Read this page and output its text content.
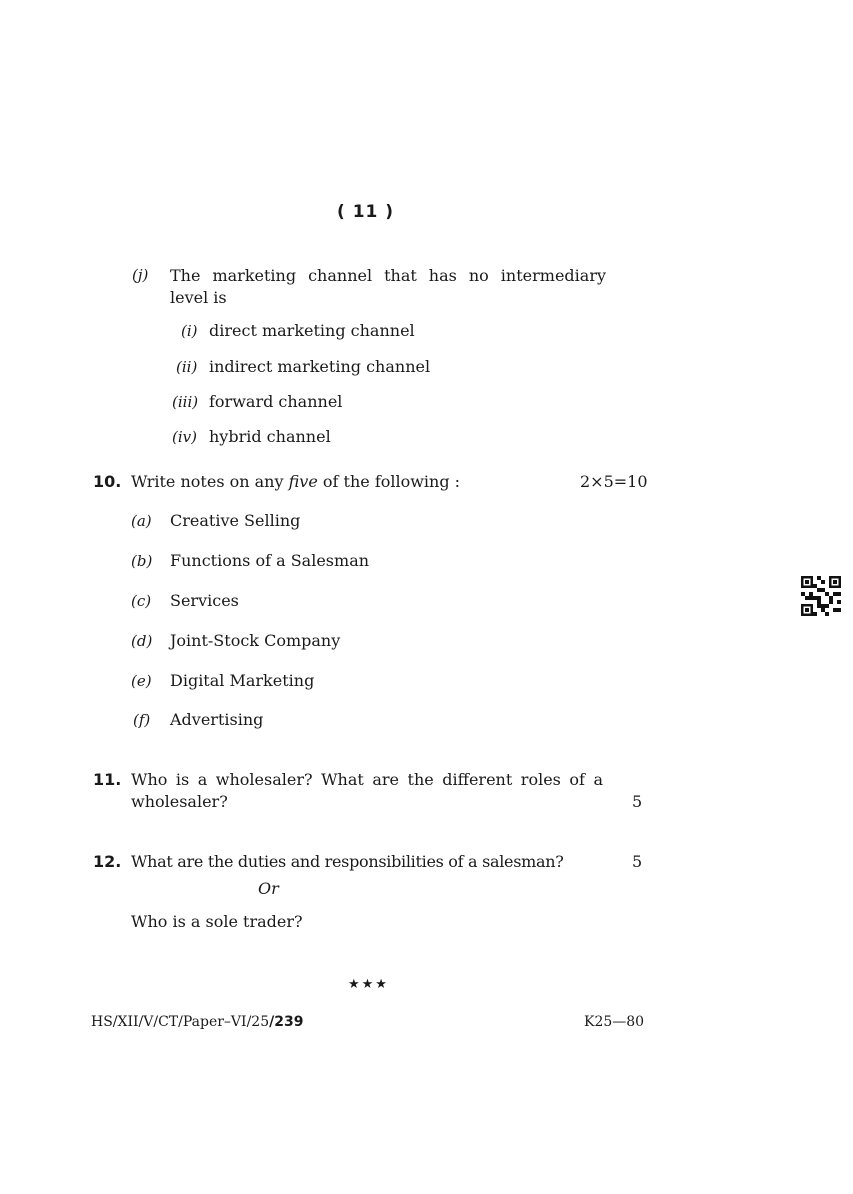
( 11 )
(j) The marketing channel that has no intermediary level is
(i) direct marketing channel
(ii) indirect marketing channel
(iii) forward channel
(iv) hybrid channel
10. Write notes on any five of the following :	2×5=10
(a) Creative Selling
(b) Functions of a Salesman
(c) Services
(d) Joint-Stock Company
(e) Digital Marketing
(f) Advertising
11. Who is a wholesaler? What are the different roles of a
wholesaler?	5
12. What are the duties and responsibilities of a salesman?	5
Or
Who is a sole trader?
★★★
HS/XII/V/CT/Paper–VI/25/239	K25—80
